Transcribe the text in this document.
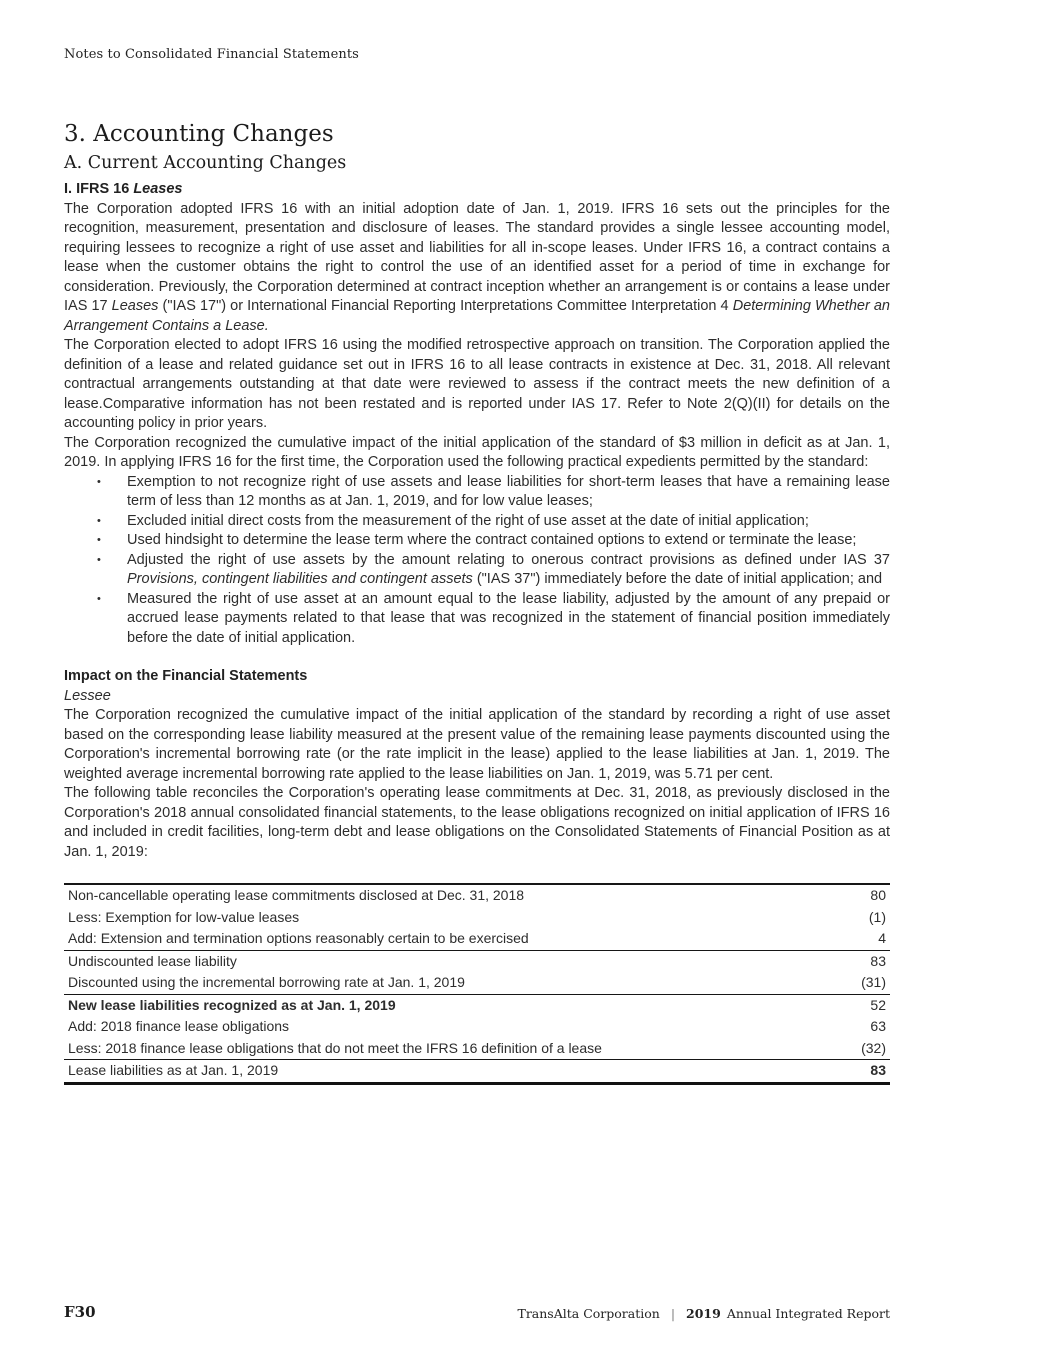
Notes to Consolidated Financial Statements
3. Accounting Changes
A. Current Accounting Changes
I. IFRS 16 Leases

The Corporation adopted IFRS 16 with an initial adoption date of Jan. 1, 2019. IFRS 16 sets out the principles for the recognition, measurement, presentation and disclosure of leases. The standard provides a single lessee accounting model, requiring lessees to recognize a right of use asset and liabilities for all in-scope leases. Under IFRS 16, a contract contains a lease when the customer obtains the right to control the use of an identified asset for a period of time in exchange for consideration. Previously, the Corporation determined at contract inception whether an arrangement is or contains a lease under IAS 17 Leases ("IAS 17") or International Financial Reporting Interpretations Committee Interpretation 4 Determining Whether an Arrangement Contains a Lease.

The Corporation elected to adopt IFRS 16 using the modified retrospective approach on transition. The Corporation applied the definition of a lease and related guidance set out in IFRS 16 to all lease contracts in existence at Dec. 31, 2018. All relevant contractual arrangements outstanding at that date were reviewed to assess if the contract meets the new definition of a lease.Comparative information has not been restated and is reported under IAS 17. Refer to Note 2(Q)(II) for details on the accounting policy in prior years.

The Corporation recognized the cumulative impact of the initial application of the standard of $3 million in deficit as at Jan. 1, 2019. In applying IFRS 16 for the first time, the Corporation used the following practical expedients permitted by the standard:

• Exemption to not recognize right of use assets and lease liabilities for short-term leases that have a remaining lease term of less than 12 months as at Jan. 1, 2019, and for low value leases;
• Excluded initial direct costs from the measurement of the right of use asset at the date of initial application;
• Used hindsight to determine the lease term where the contract contained options to extend or terminate the lease;
• Adjusted the right of use assets by the amount relating to onerous contract provisions as defined under IAS 37 Provisions, contingent liabilities and contingent assets ("IAS 37") immediately before the date of initial application; and
• Measured the right of use asset at an amount equal to the lease liability, adjusted by the amount of any prepaid or accrued lease payments related to that lease that was recognized in the statement of financial position immediately before the date of initial application.
Impact on the Financial Statements
Lessee

The Corporation recognized the cumulative impact of the initial application of the standard by recording a right of use asset based on the corresponding lease liability measured at the present value of the remaining lease payments discounted using the Corporation's incremental borrowing rate (or the rate implicit in the lease) applied to the lease liabilities at Jan. 1, 2019. The weighted average incremental borrowing rate applied to the lease liabilities on Jan. 1, 2019, was 5.71 per cent.

The following table reconciles the Corporation's operating lease commitments at Dec. 31, 2018, as previously disclosed in the Corporation's 2018 annual consolidated financial statements, to the lease obligations recognized on initial application of IFRS 16 and included in credit facilities, long-term debt and lease obligations on the Consolidated Statements of Financial Position as at Jan. 1, 2019:

Non-cancellable operating lease commitments disclosed at Dec. 31, 2018	80
Less: Exemption for low-value leases	(1)
Add: Extension and termination options reasonably certain to be exercised	4
Undiscounted lease liability	83
Discounted using the incremental borrowing rate at Jan. 1, 2019	(31)
New lease liabilities recognized as at Jan. 1, 2019	52
Add: 2018 finance lease obligations	63
Less: 2018 finance lease obligations that do not meet the IFRS 16 definition of a lease	(32)
Lease liabilities as at Jan. 1, 2019	83
F30	TransAlta Corporation | 2019 Annual Integrated Report
